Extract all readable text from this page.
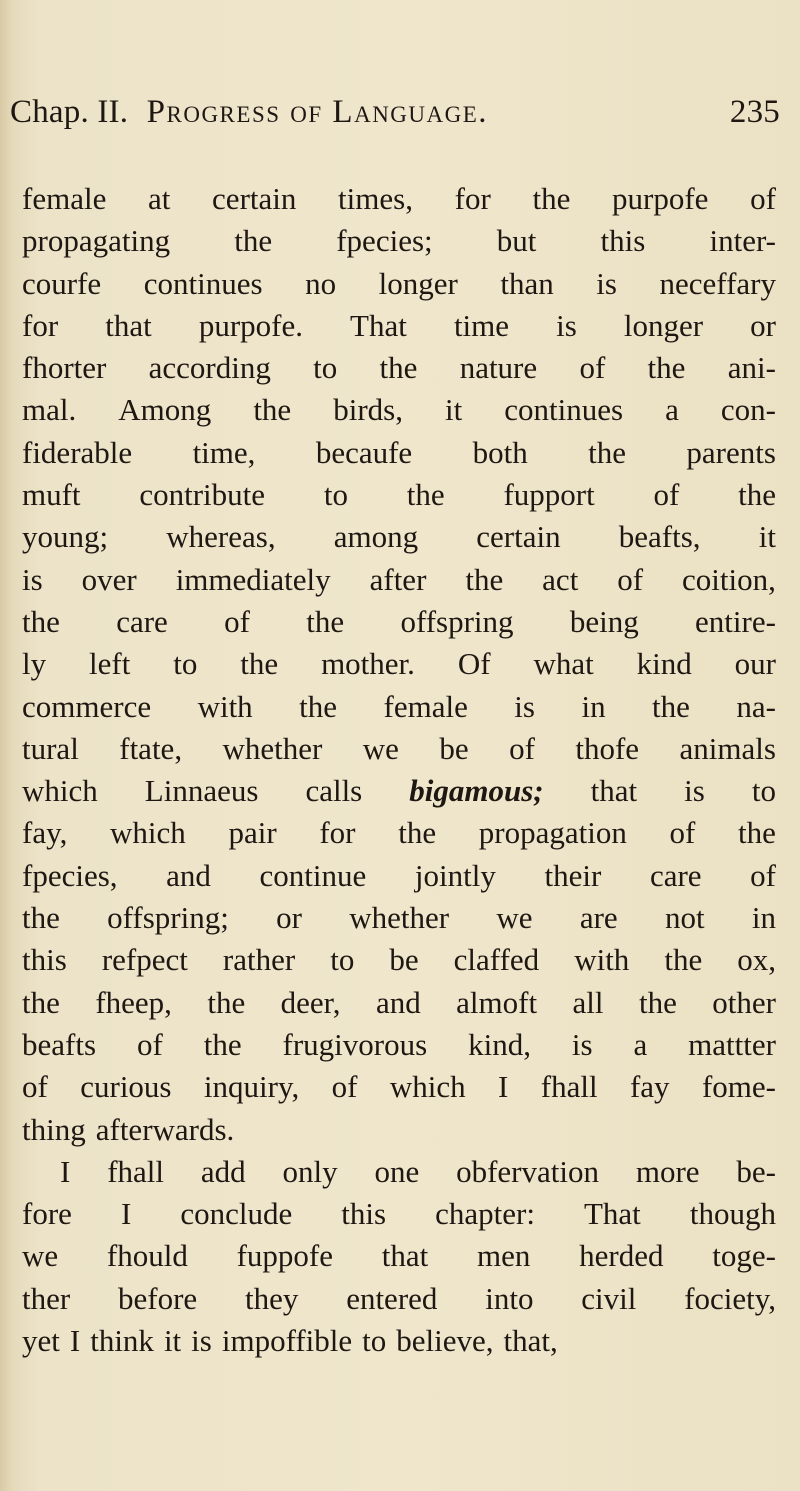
Chap. II. Progress of Language.	235
female at certain times, for the purpofe of
propagating the fpecies; but this inter-
courfe continues no longer than is neceffary
for that purpofe. That time is longer or
fhorter according to the nature of the ani-
mal. Among the birds, it continues a con-
fiderable time, becaufe both the parents
muft contribute to the fupport of the
young; whereas, among certain beafts, it
is over immediately after the act of coition,
the care of the offspring being entire-
ly left to the mother. Of what kind our
commerce with the female is in the na-
tural ftate, whether we be of thofe animals
which Linnaeus calls bigamous; that is to
fay, which pair for the propagation of the
fpecies, and continue jointly their care of
the offspring; or whether we are not in
this refpect rather to be claffed with the ox,
the fheep, the deer, and almoft all the other
beafts of the frugivorous kind, is a mattter
of curious inquiry, of which I fhall fay fome-
thing afterwards.
I fhall add only one obfervation more be-
fore I conclude this chapter: That though
we fhould fuppofe that men herded toge-
ther before they entered into civil fociety,
yet I think it is impoffible to believe, that,
